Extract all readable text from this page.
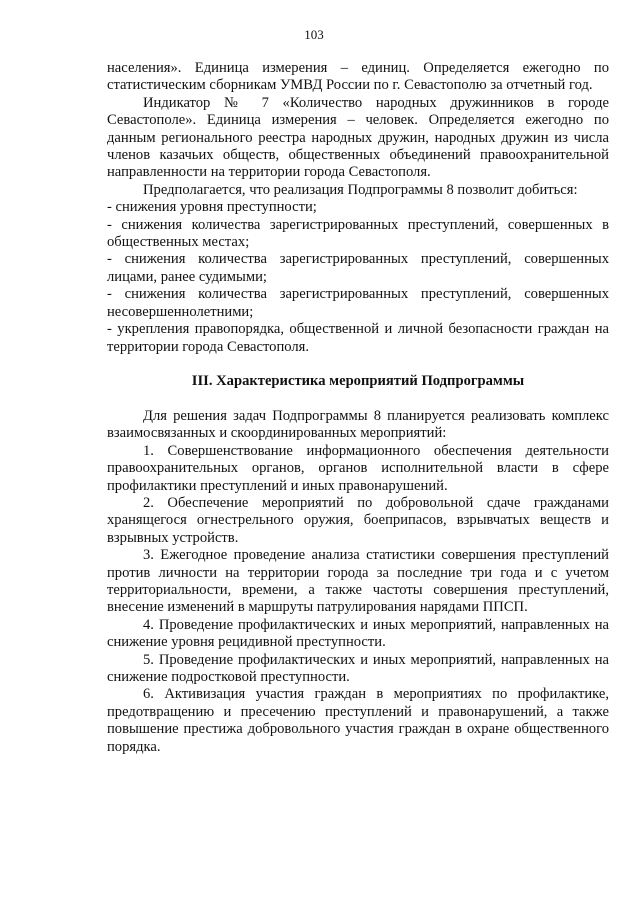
103

населения». Единица измерения – единиц. Определяется ежегодно по статистическим сборникам УМВД России по г. Севастополю за отчетный год.

Индикатор № 7 «Количество народных дружинников в городе Севастополе». Единица измерения – человек. Определяется ежегодно по данным регионального реестра народных дружин, народных дружин из числа членов казачьих обществ, общественных объединений правоохранительной направленности на территории города Севастополя.

Предполагается, что реализация Подпрограммы 8 позволит добиться:

- снижения уровня преступности;

- снижения количества зарегистрированных преступлений, совершенных в общественных местах;

- снижения количества зарегистрированных преступлений, совершенных лицами, ранее судимыми;

- снижения количества зарегистрированных преступлений, совершенных несовершеннолетними;

- укрепления правопорядка, общественной и личной безопасности граждан на территории города Севастополя.

III. Характеристика мероприятий Подпрограммы

Для решения задач Подпрограммы 8 планируется реализовать комплекс взаимосвязанных и скоординированных мероприятий:

1. Совершенствование информационного обеспечения деятельности правоохранительных органов, органов исполнительной власти в сфере профилактики преступлений и иных правонарушений.

2. Обеспечение мероприятий по добровольной сдаче гражданами хранящегося огнестрельного оружия, боеприпасов, взрывчатых веществ и взрывных устройств.

3. Ежегодное проведение анализа статистики совершения преступлений против личности на территории города за последние три года и с учетом территориальности, времени, а также частоты совершения преступлений, внесение изменений в маршруты патрулирования нарядами ППСП.

4. Проведение профилактических и иных мероприятий, направленных на снижение уровня рецидивной преступности.

5. Проведение профилактических и иных мероприятий, направленных на снижение подростковой преступности.

6. Активизация участия граждан в мероприятиях по профилактике, предотвращению и пресечению преступлений и правонарушений, а также повышение престижа добровольного участия граждан в охране общественного порядка.
